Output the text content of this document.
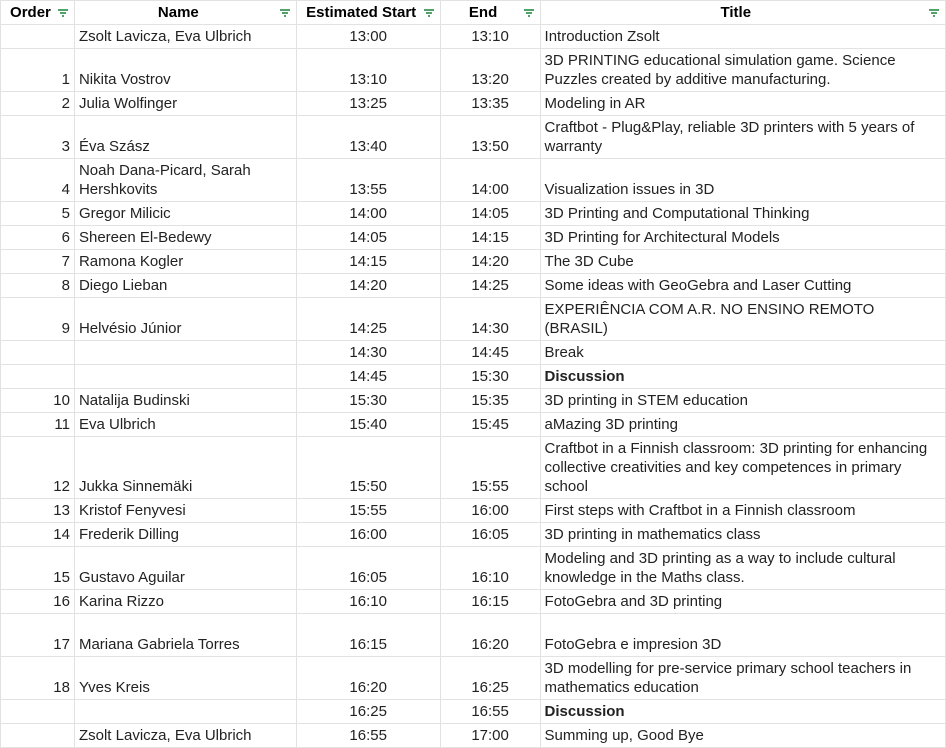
Order	Name	Estimated Start	End	Title

	Zsolt Lavicza, Eva Ulbrich	13:00	13:10	Introduction Zsolt
1	Nikita Vostrov	13:10	13:20	3D PRINTING educational simulation game. Science Puzzles created by additive manufacturing.
2	Julia Wolfinger	13:25	13:35	Modeling in AR
3	Éva Szász	13:40	13:50	Craftbot - Plug&Play, reliable 3D printers with 5 years of warranty
4	Noah Dana-Picard, Sarah Hershkovits	13:55	14:00	Visualization issues in 3D
5	Gregor Milicic	14:00	14:05	3D Printing and Computational Thinking
6	Shereen El-Bedewy	14:05	14:15	3D Printing for Architectural Models
7	Ramona Kogler	14:15	14:20	The 3D Cube
8	Diego Lieban	14:20	14:25	Some ideas with GeoGebra and Laser Cutting
9	Helvésio Júnior	14:25	14:30	EXPERIÊNCIA COM A.R. NO ENSINO REMOTO (BRASIL)
		14:30	14:45	Break
		14:45	15:30	Discussion
10	Natalija Budinski	15:30	15:35	3D printing in STEM education
11	Eva Ulbrich	15:40	15:45	aMazing 3D printing
12	Jukka Sinnemäki	15:50	15:55	Craftbot in a Finnish classroom: 3D printing for enhancing collective creativities and key competences in primary school
13	Kristof Fenyvesi	15:55	16:00	First steps with Craftbot in a Finnish classroom
14	Frederik Dilling	16:00	16:05	3D printing in mathematics class
15	Gustavo Aguilar	16:05	16:10	Modeling and 3D printing as a way to include cultural knowledge in the Maths class.
16	Karina Rizzo	16:10	16:15	FotoGebra and 3D printing
17	Mariana Gabriela Torres	16:15	16:20	FotoGebra e impresion 3D
18	Yves Kreis	16:20	16:25	3D modelling for pre-service primary school teachers in mathematics education
		16:25	16:55	Discussion
	Zsolt Lavicza, Eva Ulbrich	16:55	17:00	Summing up, Good Bye
